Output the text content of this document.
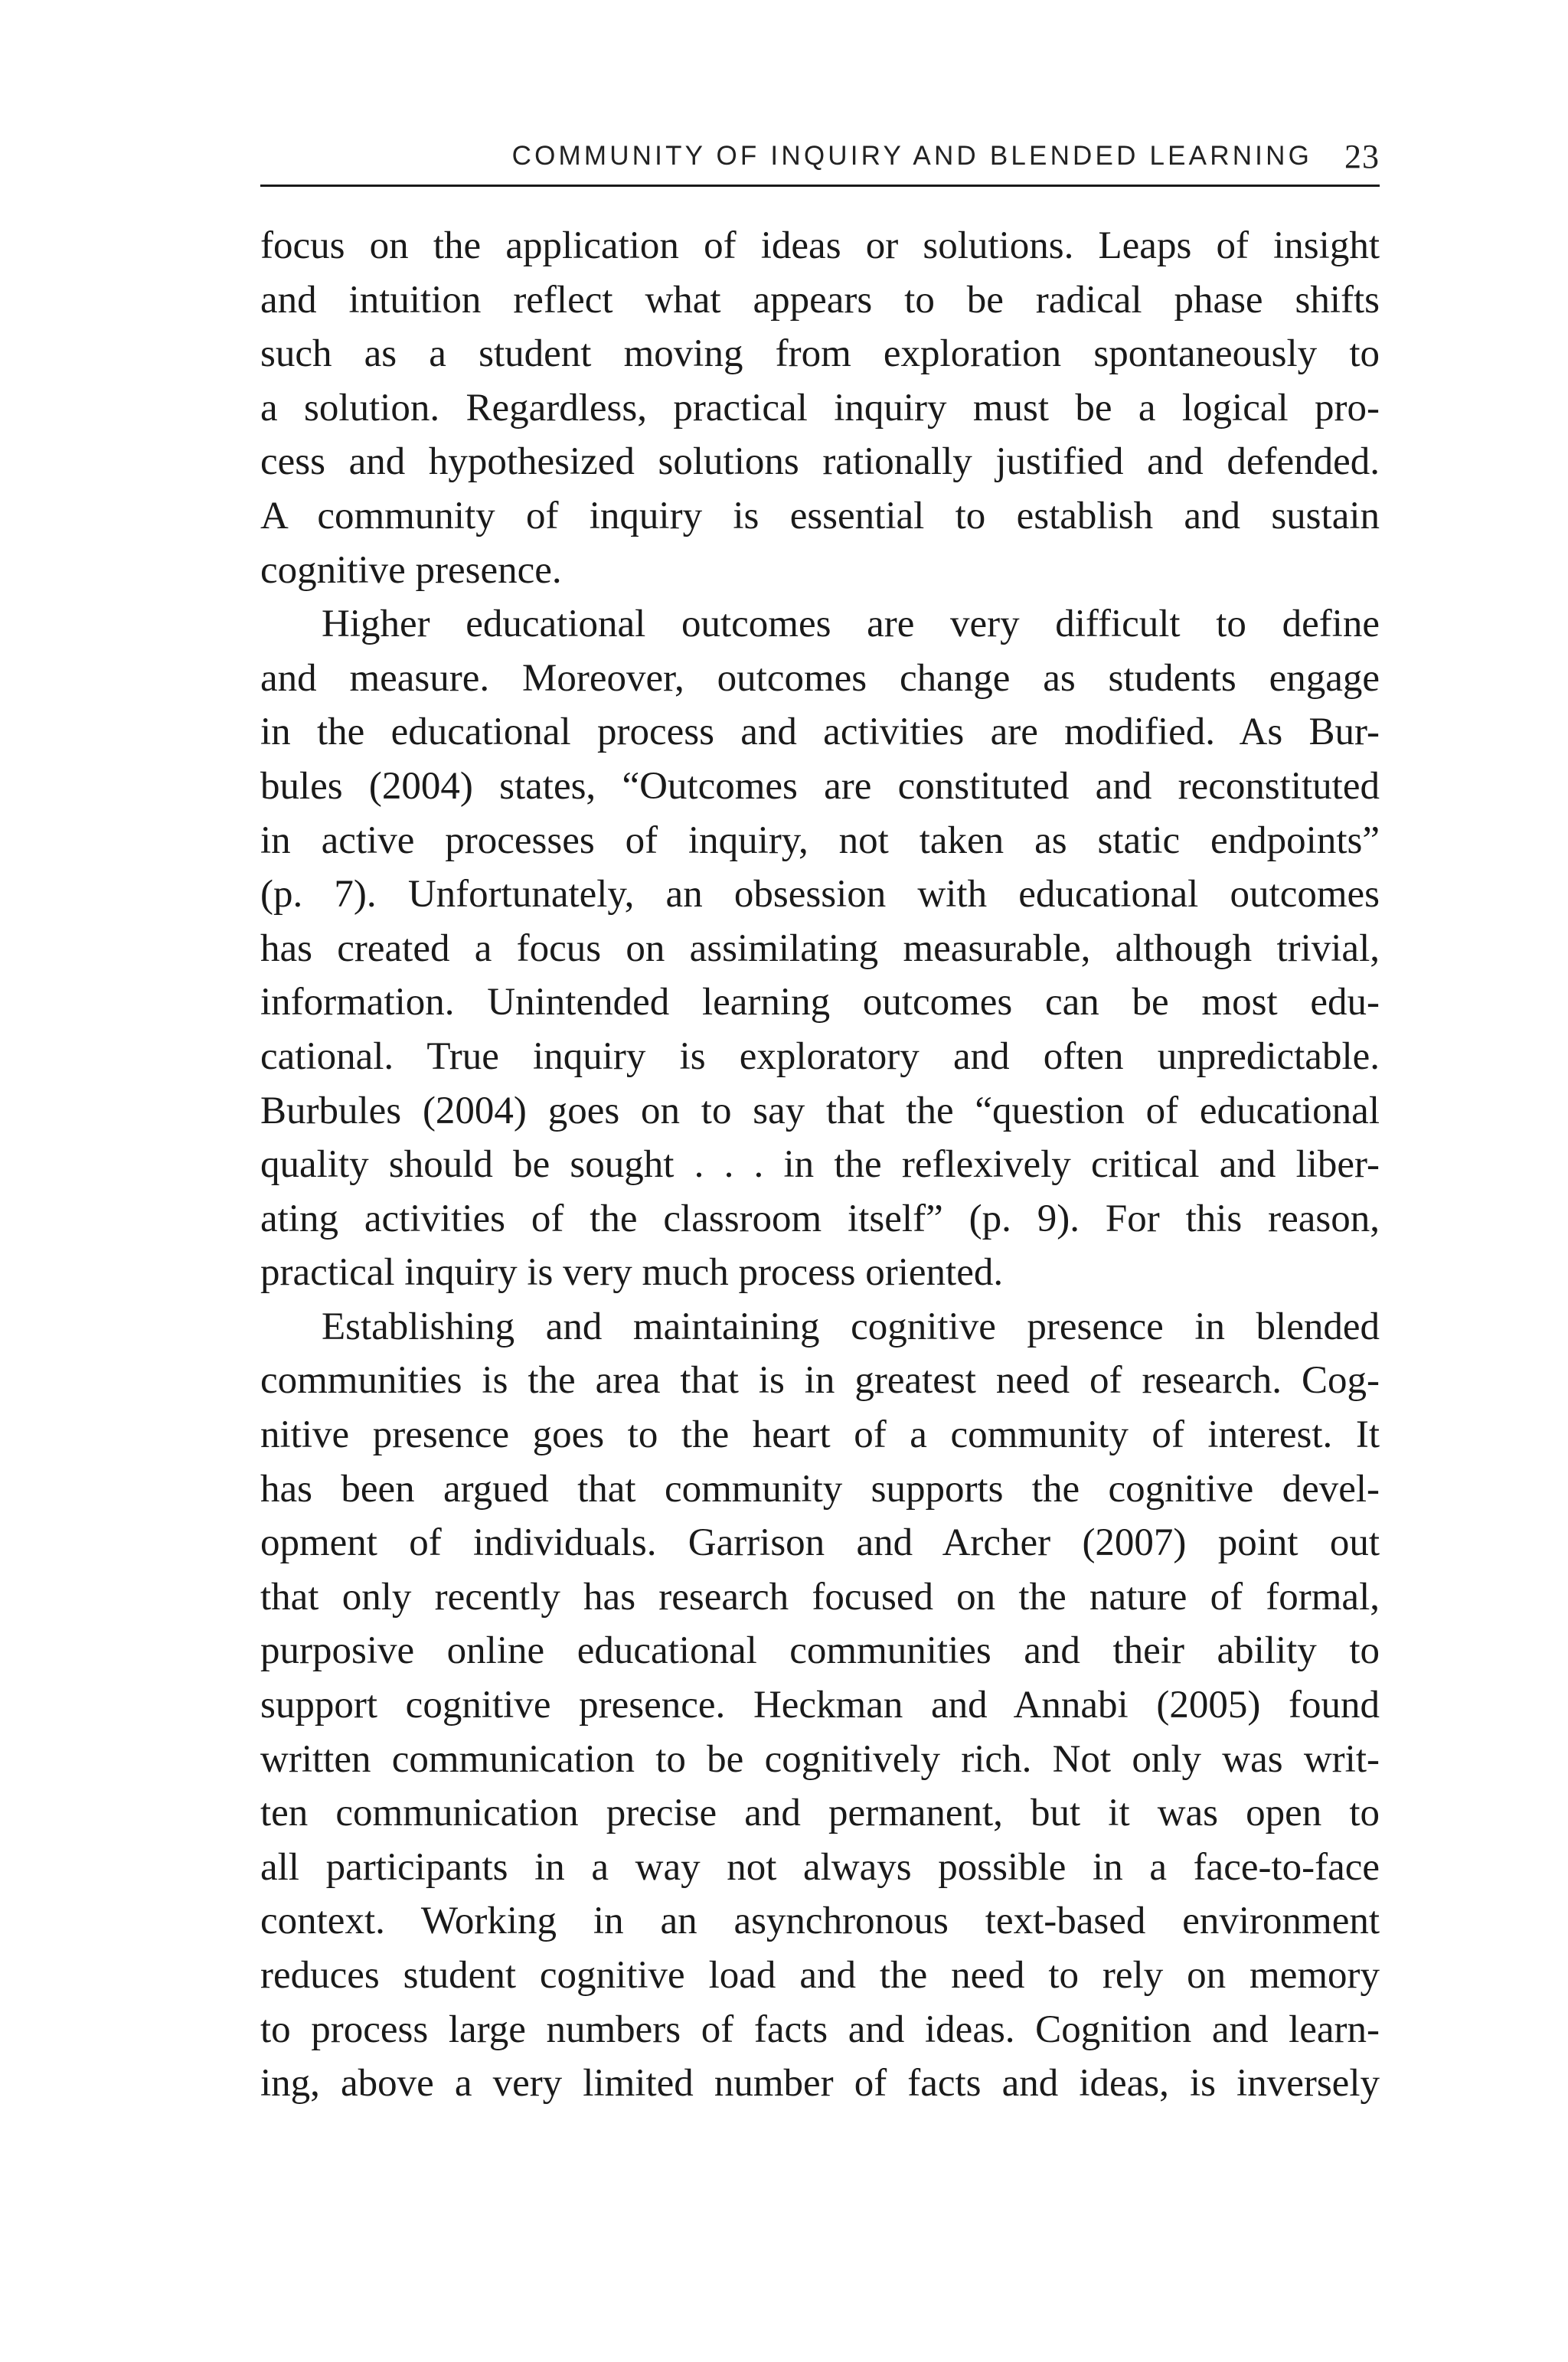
COMMUNITY OF INQUIRY AND BLENDED LEARNING 23
focus on the application of ideas or solutions. Leaps of insight
and intuition reflect what appears to be radical phase shifts
such as a student moving from exploration spontaneously to
a solution. Regardless, practical inquiry must be a logical pro-
cess and hypothesized solutions rationally justified and defended.
A community of inquiry is essential to establish and sustain
cognitive presence.
Higher educational outcomes are very difficult to define
and measure. Moreover, outcomes change as students engage
in the educational process and activities are modified. As Bur-
bules (2004) states, “Outcomes are constituted and reconstituted
in active processes of inquiry, not taken as static endpoints”
(p. 7). Unfortunately, an obsession with educational outcomes
has created a focus on assimilating measurable, although trivial,
information. Unintended learning outcomes can be most edu-
cational. True inquiry is exploratory and often unpredictable.
Burbules (2004) goes on to say that the “question of educational
quality should be sought . . . in the reflexively critical and liber-
ating activities of the classroom itself” (p. 9). For this reason,
practical inquiry is very much process oriented.
Establishing and maintaining cognitive presence in blended
communities is the area that is in greatest need of research. Cog-
nitive presence goes to the heart of a community of interest. It
has been argued that community supports the cognitive devel-
opment of individuals. Garrison and Archer (2007) point out
that only recently has research focused on the nature of formal,
purposive online educational communities and their ability to
support cognitive presence. Heckman and Annabi (2005) found
written communication to be cognitively rich. Not only was writ-
ten communication precise and permanent, but it was open to
all participants in a way not always possible in a face-to-face
context. Working in an asynchronous text-based environment
reduces student cognitive load and the need to rely on memory
to process large numbers of facts and ideas. Cognition and learn-
ing, above a very limited number of facts and ideas, is inversely
